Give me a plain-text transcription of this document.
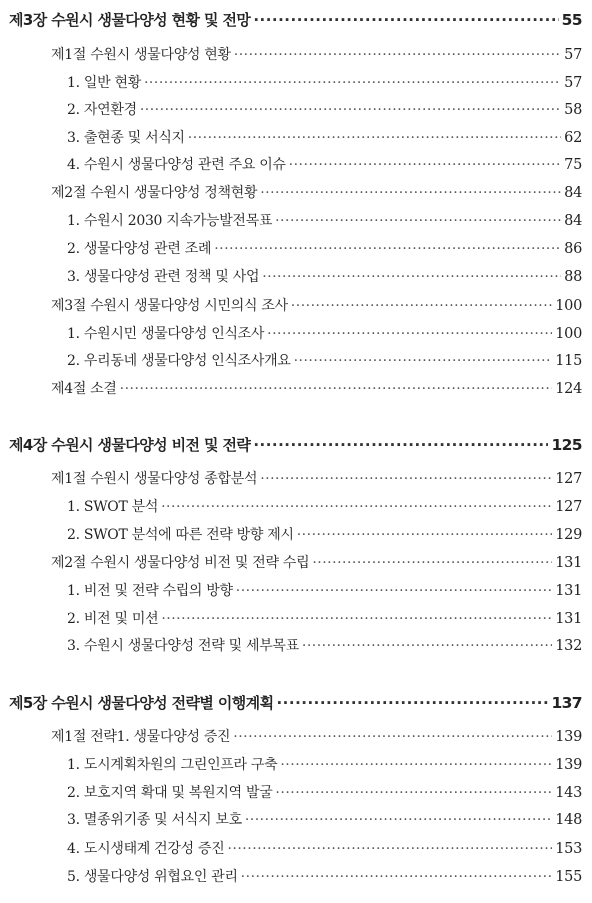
제3장 수원시 생물다양성 현황 및 전망 ·····	55
제1절 수원시 생물다양성 현황 ·····	57
1. 일반 현황 ·····	57
2. 자연환경 ·····	58
3. 출현종 및 서식지 ·····	62
4. 수원시 생물다양성 관련 주요 이슈 ·····	75
제2절 수원시 생물다양성 정책현황 ·····	84
1. 수원시 2030 지속가능발전목표 ·····	84
2. 생물다양성 관련 조례 ·····	86
3. 생물다양성 관련 정책 및 사업 ·····	88
제3절 수원시 생물다양성 시민의식 조사 ·····	100
1. 수원시민 생물다양성 인식조사 ·····	100
2. 우리동네 생물다양성 인식조사개요 ·····	115
제4절 소결 ·····	124
제4장 수원시 생물다양성 비전 및 전략 ·····	125
제1절 수원시 생물다양성 종합분석 ·····	127
1. SWOT 분석 ·····	127
2. SWOT 분석에 따른 전략 방향 제시 ·····	129
제2절 수원시 생물다양성 비전 및 전략 수립 ·····	131
1. 비전 및 전략 수립의 방향 ·····	131
2. 비전 및 미션 ·····	131
3. 수원시 생물다양성 전략 및 세부목표 ·····	132
제5장 수원시 생물다양성 전략별 이행계획 ·····	137
제1절 전략1. 생물다양성 증진 ·····	139
1. 도시계획차원의 그린인프라 구축 ·····	139
2. 보호지역 확대 및 복원지역 발굴 ·····	143
3. 멸종위기종 및 서식지 보호 ·····	148
4. 도시생태계 건강성 증진 ·····	153
5. 생물다양성 위협요인 관리 ·····	155
